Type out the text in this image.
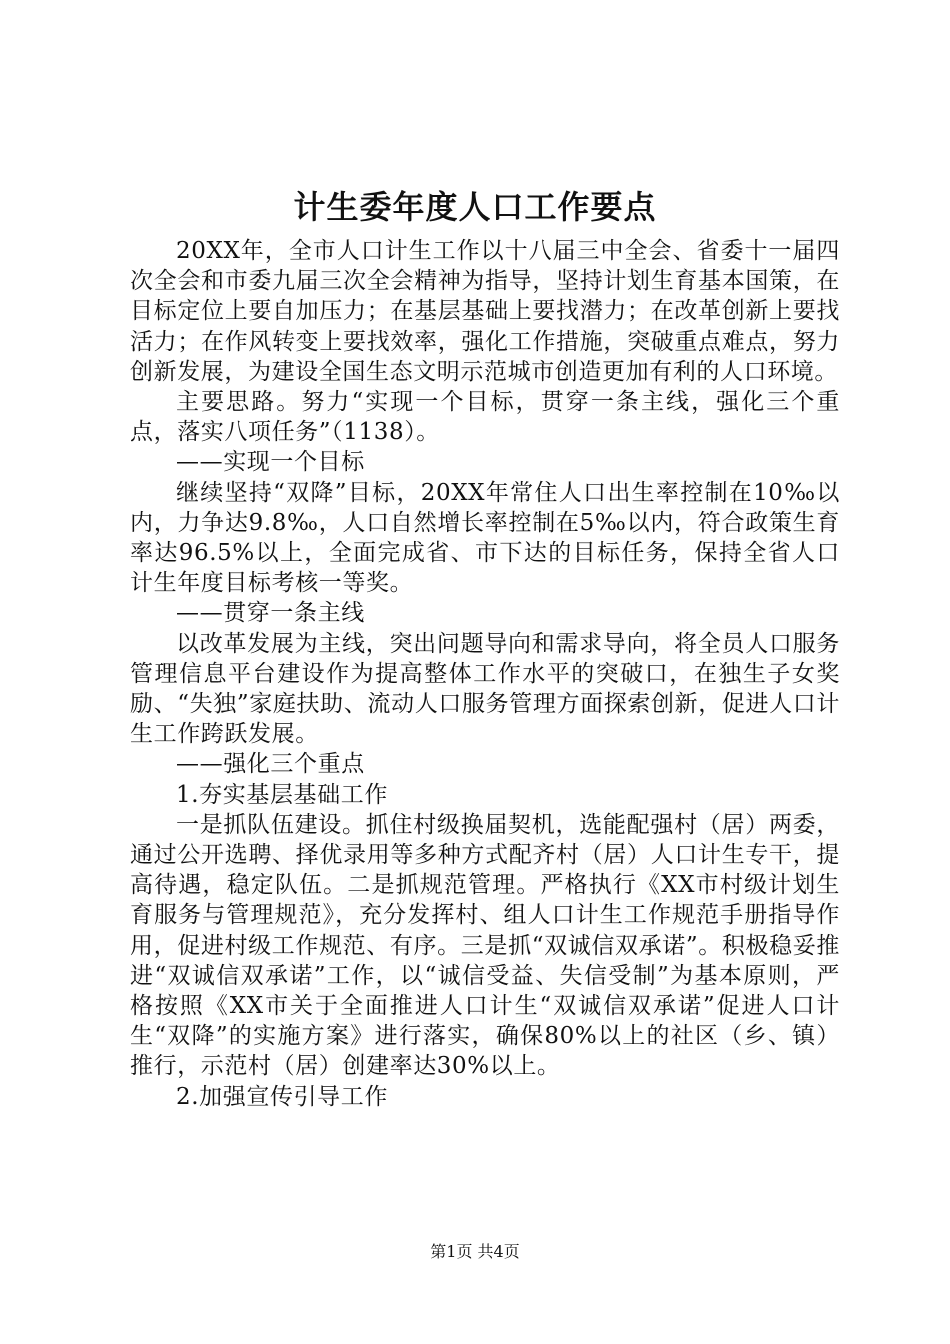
计生委年度人口工作要点

20XX年，全市人口计生工作以十八届三中全会、省委十一届四次全会和市委九届三次全会精神为指导，坚持计划生育基本国策，在目标定位上要自加压力；在基层基础上要找潜力；在改革创新上要找活力；在作风转变上要找效率，强化工作措施，突破重点难点，努力创新发展，为建设全国生态文明示范城市创造更加有利的人口环境。

主要思路。努力“实现一个目标，贯穿一条主线，强化三个重点，落实八项任务”（1138）。

——实现一个目标

继续坚持“双降”目标，20XX年常住人口出生率控制在10‰以内，力争达9.8‰，人口自然增长率控制在5‰以内，符合政策生育率达96.5%以上，全面完成省、市下达的目标任务，保持全省人口计生年度目标考核一等奖。

——贯穿一条主线

以改革发展为主线，突出问题导向和需求导向，将全员人口服务管理信息平台建设作为提高整体工作水平的突破口，在独生子女奖励、“失独”家庭扶助、流动人口服务管理方面探索创新，促进人口计生工作跨跃发展。

——强化三个重点

1.夯实基层基础工作

一是抓队伍建设。抓住村级换届契机，选能配强村（居）两委，通过公开选聘、择优录用等多种方式配齐村（居）人口计生专干，提高待遇，稳定队伍。二是抓规范管理。严格执行《XX市村级计划生育服务与管理规范》，充分发挥村、组人口计生工作规范手册指导作用，促进村级工作规范、有序。三是抓“双诚信双承诺”。积极稳妥推进“双诚信双承诺”工作，以“诚信受益、失信受制”为基本原则，严格按照《XX市关于全面推进人口计生“双诚信双承诺”促进人口计生“双降”的实施方案》进行落实，确保80%以上的社区（乡、镇）推行，示范村（居）创建率达30%以上。

2.加强宣传引导工作

第1页 共4页
